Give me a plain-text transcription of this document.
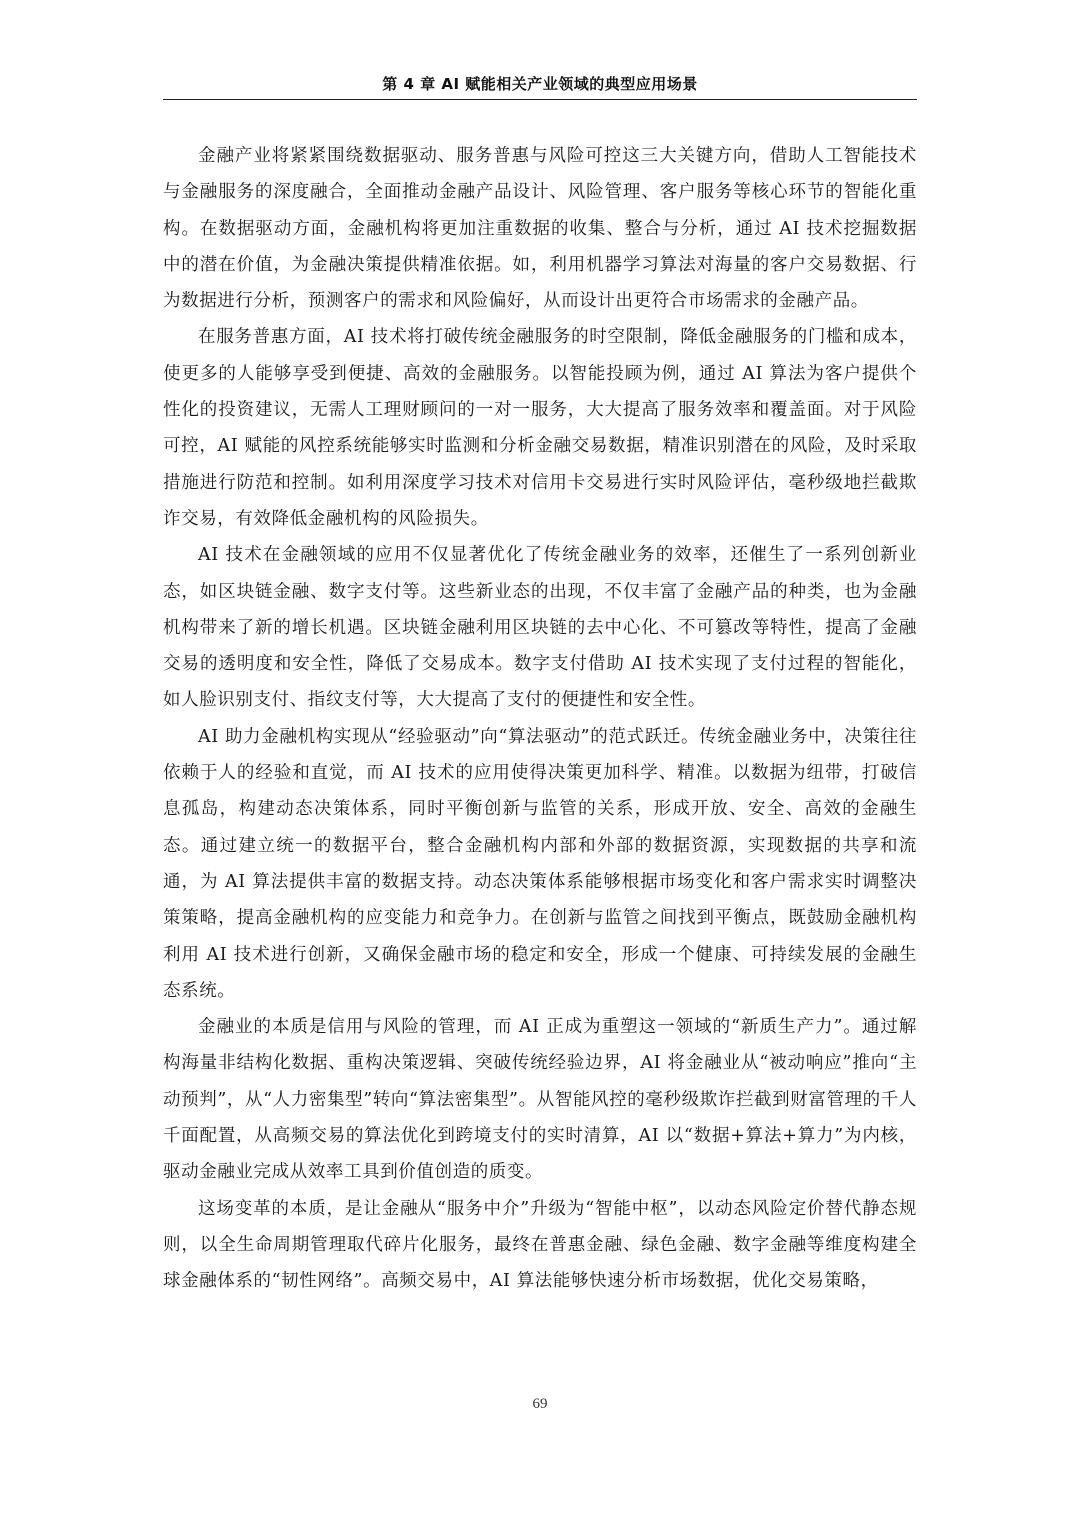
第 4 章 AI 赋能相关产业领域的典型应用场景

金融产业将紧紧围绕数据驱动、服务普惠与风险可控这三大关键方向，借助人工智能技术与金融服务的深度融合，全面推动金融产品设计、风险管理、客户服务等核心环节的智能化重构。在数据驱动方面，金融机构将更加注重数据的收集、整合与分析，通过 AI 技术挖掘数据中的潜在价值，为金融决策提供精准依据。如，利用机器学习算法对海量的客户交易数据、行为数据进行分析，预测客户的需求和风险偏好，从而设计出更符合市场需求的金融产品。

在服务普惠方面，AI 技术将打破传统金融服务的时空限制，降低金融服务的门槛和成本，使更多的人能够享受到便捷、高效的金融服务。以智能投顾为例，通过 AI 算法为客户提供个性化的投资建议，无需人工理财顾问的一对一服务，大大提高了服务效率和覆盖面。对于风险可控，AI 赋能的风控系统能够实时监测和分析金融交易数据，精准识别潜在的风险，及时采取措施进行防范和控制。如利用深度学习技术对信用卡交易进行实时风险评估，毫秒级地拦截欺诈交易，有效降低金融机构的风险损失。

AI 技术在金融领域的应用不仅显著优化了传统金融业务的效率，还催生了一系列创新业态，如区块链金融、数字支付等。这些新业态的出现，不仅丰富了金融产品的种类，也为金融机构带来了新的增长机遇。区块链金融利用区块链的去中心化、不可篡改等特性，提高了金融交易的透明度和安全性，降低了交易成本。数字支付借助 AI 技术实现了支付过程的智能化，如人脸识别支付、指纹支付等，大大提高了支付的便捷性和安全性。

AI 助力金融机构实现从“经验驱动”向“算法驱动”的范式跃迁。传统金融业务中，决策往往依赖于人的经验和直觉，而 AI 技术的应用使得决策更加科学、精准。以数据为纽带，打破信息孤岛，构建动态决策体系，同时平衡创新与监管的关系，形成开放、安全、高效的金融生态。通过建立统一的数据平台，整合金融机构内部和外部的数据资源，实现数据的共享和流通，为 AI 算法提供丰富的数据支持。动态决策体系能够根据市场变化和客户需求实时调整决策策略，提高金融机构的应变能力和竞争力。在创新与监管之间找到平衡点，既鼓励金融机构利用 AI 技术进行创新，又确保金融市场的稳定和安全，形成一个健康、可持续发展的金融生态系统。

金融业的本质是信用与风险的管理，而 AI 正成为重塑这一领域的“新质生产力”。通过解构海量非结构化数据、重构决策逻辑、突破传统经验边界，AI 将金融业从“被动响应”推向“主动预判”，从“人力密集型”转向“算法密集型”。从智能风控的毫秒级欺诈拦截到财富管理的千人千面配置，从高频交易的算法优化到跨境支付的实时清算，AI 以“数据+算法+算力”为内核，驱动金融业完成从效率工具到价值创造的质变。

这场变革的本质，是让金融从“服务中介”升级为“智能中枢”，以动态风险定价替代静态规则，以全生命周期管理取代碎片化服务，最终在普惠金融、绿色金融、数字金融等维度构建全球金融体系的“韧性网络”。高频交易中，AI 算法能够快速分析市场数据，优化交易策略，

69
